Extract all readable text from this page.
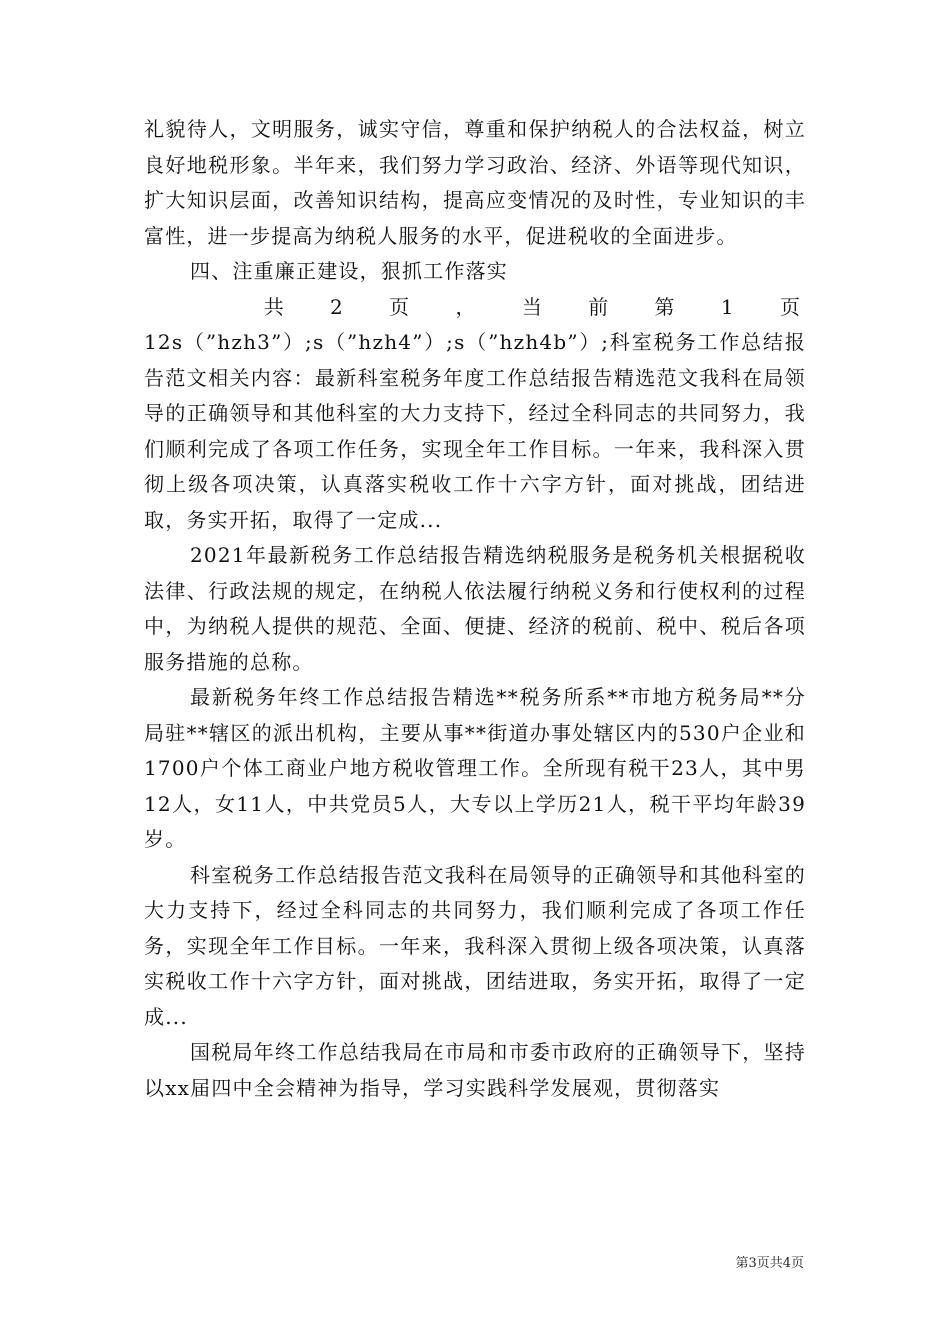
礼貌待人，文明服务，诚实守信，尊重和保护纳税人的合法权益，树立良好地税形象。半年来，我们努力学习政治、经济、外语等现代知识，扩大知识层面，改善知识结构，提高应变情况的及时性，专业知识的丰富性，进一步提高为纳税人服务的水平，促进税收的全面进步。

四、注重廉正建设，狠抓工作落实

共 2 页 ， 当 前 第 1 页

12s（”hzh3”）;s（”hzh4”）;s（”hzh4b”）;科室税务工作总结报告范文相关内容：最新科室税务年度工作总结报告精选范文我科在局领导的正确领导和其他科室的大力支持下，经过全科同志的共同努力，我们顺利完成了各项工作任务，实现全年工作目标。一年来，我科深入贯彻上级各项决策，认真落实税收工作十六字方针，面对挑战，团结进取，务实开拓，取得了一定成...

2021年最新税务工作总结报告精选纳税服务是税务机关根据税收法律、行政法规的规定，在纳税人依法履行纳税义务和行使权利的过程中，为纳税人提供的规范、全面、便捷、经济的税前、税中、税后各项服务措施的总称。

最新税务年终工作总结报告精选**税务所系**市地方税务局**分局驻**辖区的派出机构，主要从事**街道办事处辖区内的530户企业和1700户个体工商业户地方税收管理工作。全所现有税干23人，其中男12人，女11人，中共党员5人，大专以上学历21人，税干平均年龄39岁。

科室税务工作总结报告范文我科在局领导的正确领导和其他科室的大力支持下，经过全科同志的共同努力，我们顺利完成了各项工作任务，实现全年工作目标。一年来，我科深入贯彻上级各项决策，认真落实税收工作十六字方针，面对挑战，团结进取，务实开拓，取得了一定成...

国税局年终工作总结我局在市局和市委市政府的正确领导下，坚持以xx届四中全会精神为指导，学习实践科学发展观，贯彻落实

第3页共4页
